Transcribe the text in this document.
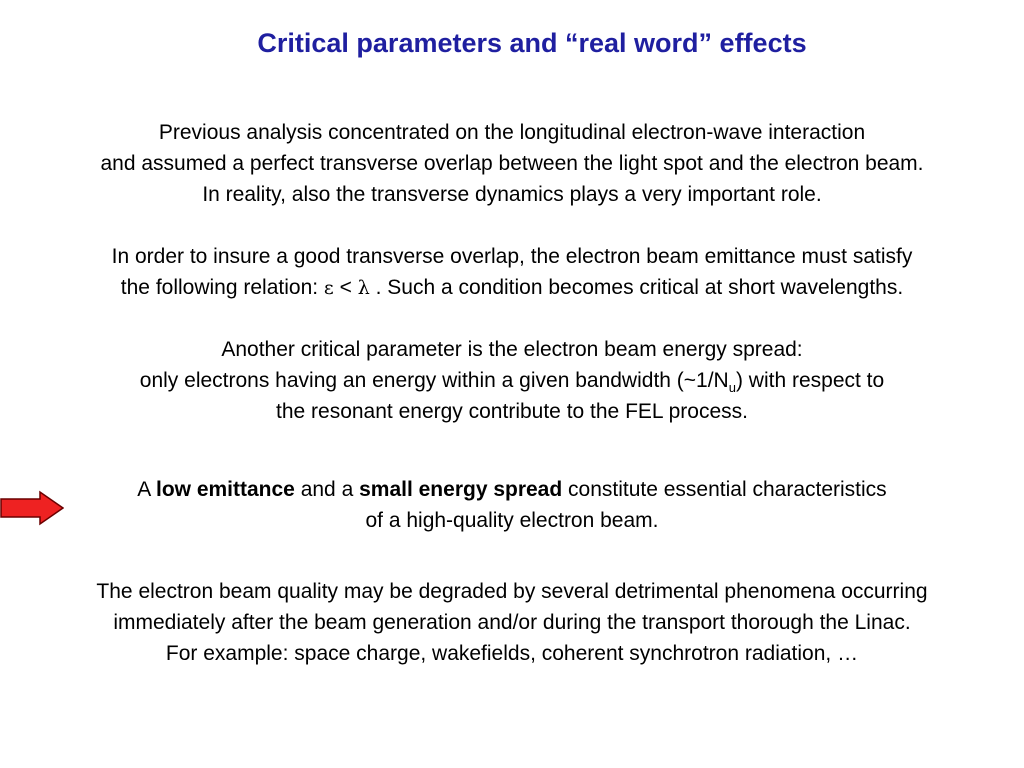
Critical parameters and “real word” effects
Previous analysis concentrated on the longitudinal electron-wave interaction
and assumed a perfect transverse overlap between the light spot and the electron beam.
In reality, also the transverse dynamics plays a very important role.
In order to insure a good transverse overlap, the electron beam emittance must satisfy
the following relation: ε < λ . Such a condition becomes critical at short wavelengths.
Another critical parameter is the electron beam energy spread:
only electrons having an energy within a given bandwidth $(\sim 1/N_u)$ with respect to
the resonant energy contribute to the FEL process.
A low emittance and a small energy spread constitute essential characteristics
of a high-quality electron beam.
The electron beam quality may be degraded by several detrimental phenomena occurring
immediately after the beam generation and/or during the transport thorough the Linac.
For example: space charge, wakefields, coherent synchrotron radiation, …
